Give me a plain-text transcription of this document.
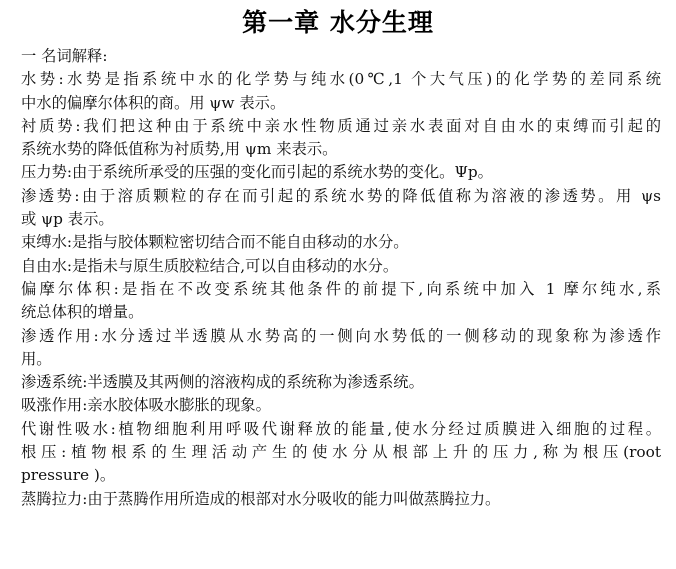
第一章 水分生理
一 名词解释:
水势:水势是指系统中水的化学势与纯水(0℃,1 个大气压)的化学势的差同系统
中水的偏摩尔体积的商。用 ψw 表示。
衬质势:我们把这种由于系统中亲水性物质通过亲水表面对自由水的束缚而引起的
系统水势的降低值称为衬质势,用 ψm 来表示。
压力势:由于系统所承受的压强的变化而引起的系统水势的变化。Ψp。
渗透势:由于溶质颗粒的存在而引起的系统水势的降低值称为溶液的渗透势。用 ψs
或 ψp 表示。
束缚水:是指与胶体颗粒密切结合而不能自由移动的水分。
自由水:是指未与原生质胶粒结合,可以自由移动的水分。
偏摩尔体积:是指在不改变系统其他条件的前提下,向系统中加入 1 摩尔纯水,系
统总体积的增量。
渗透作用:水分透过半透膜从水势高的一侧向水势低的一侧移动的现象称为渗透作
用。
渗透系统:半透膜及其两侧的溶液构成的系统称为渗透系统。
吸涨作用:亲水胶体吸水膨胀的现象。
代谢性吸水:植物细胞利用呼吸代谢释放的能量,使水分经过质膜进入细胞的过程。
根压:植物根系的生理活动产生的使水分从根部上升的压力,称为根压(root
pressure )。
蒸腾拉力:由于蒸腾作用所造成的根部对水分吸收的能力叫做蒸腾拉力。
